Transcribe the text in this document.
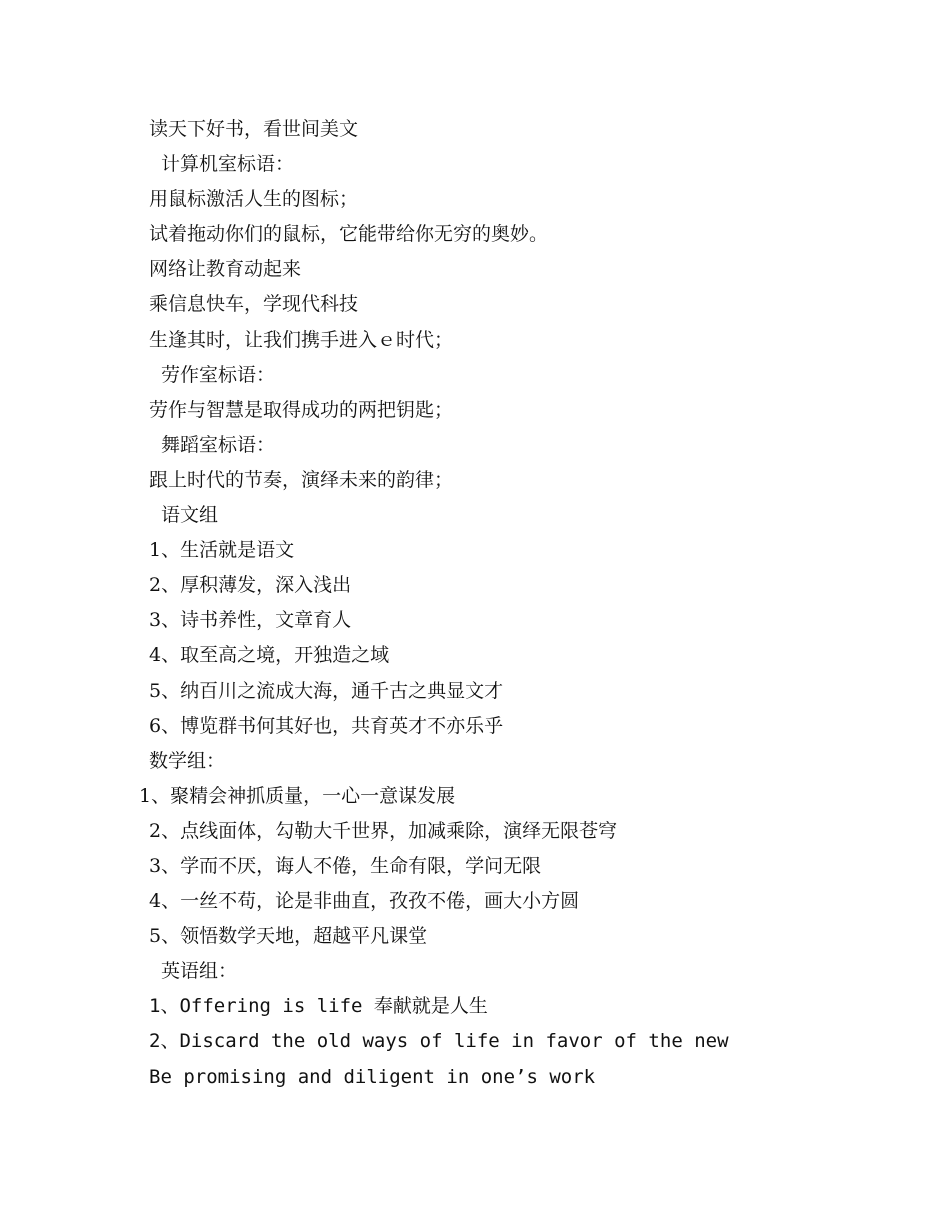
读天下好书，看世间美文
计算机室标语：
用鼠标激活人生的图标；
试着拖动你们的鼠标，它能带给你无穷的奥妙。
网络让教育动起来
乘信息快车，学现代科技
生逢其时，让我们携手进入ｅ时代；
劳作室标语：
劳作与智慧是取得成功的两把钥匙；
舞蹈室标语：
跟上时代的节奏，演绎未来的韵律；
语文组
1、生活就是语文
2、厚积薄发，深入浅出
3、诗书养性，文章育人
4、取至高之境，开独造之域
5、纳百川之流成大海，通千古之典显文才
6、博览群书何其好也，共育英才不亦乐乎
数学组：
1、聚精会神抓质量，一心一意谋发展
2、点线面体，勾勒大千世界，加减乘除，演绎无限苍穹
3、学而不厌，诲人不倦，生命有限，学问无限
4、一丝不苟，论是非曲直，孜孜不倦，画大小方圆
5、领悟数学天地，超越平凡课堂
英语组：
1、Offering is life 奉献就是人生
2、Discard the old ways of life in favor of the new
Be promising and diligent in one’s work
